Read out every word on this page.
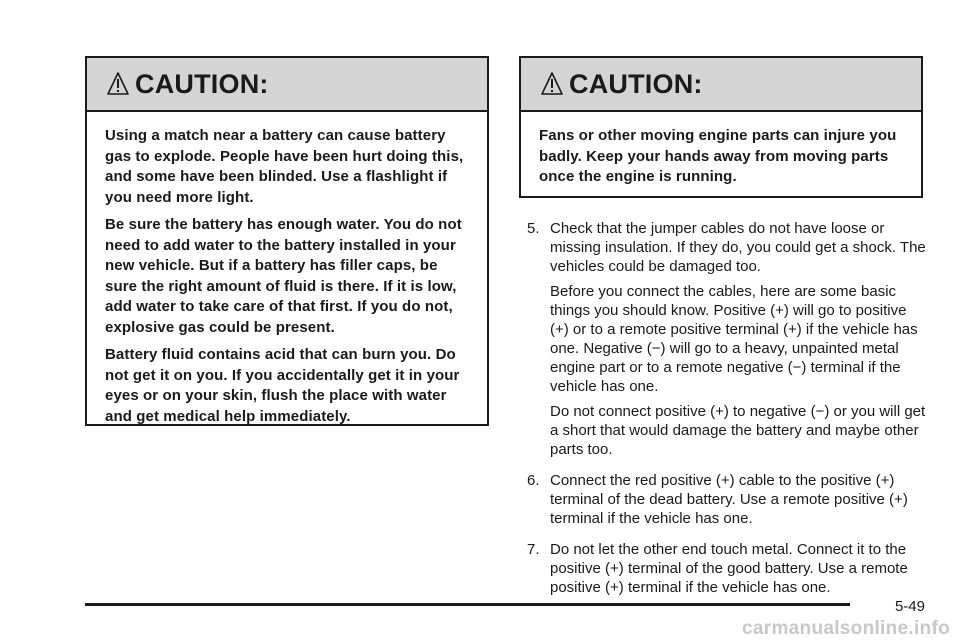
CAUTION:

Using a match near a battery can cause battery gas to explode. People have been hurt doing this, and some have been blinded. Use a flashlight if you need more light.

Be sure the battery has enough water. You do not need to add water to the battery installed in your new vehicle. But if a battery has filler caps, be sure the right amount of fluid is there. If it is low, add water to take care of that first. If you do not, explosive gas could be present.

Battery fluid contains acid that can burn you. Do not get it on you. If you accidentally get it in your eyes or on your skin, flush the place with water and get medical help immediately.

CAUTION:

Fans or other moving engine parts can injure you badly. Keep your hands away from moving parts once the engine is running.

5. Check that the jumper cables do not have loose or missing insulation. If they do, you could get a shock. The vehicles could be damaged too.

Before you connect the cables, here are some basic things you should know. Positive (+) will go to positive (+) or to a remote positive terminal (+) if the vehicle has one. Negative (−) will go to a heavy, unpainted metal engine part or to a remote negative (−) terminal if the vehicle has one.

Do not connect positive (+) to negative (−) or you will get a short that would damage the battery and maybe other parts too.

6. Connect the red positive (+) cable to the positive (+) terminal of the dead battery. Use a remote positive (+) terminal if the vehicle has one.

7. Do not let the other end touch metal. Connect it to the positive (+) terminal of the good battery. Use a remote positive (+) terminal if the vehicle has one.

5-49
carmanualsonline.info
